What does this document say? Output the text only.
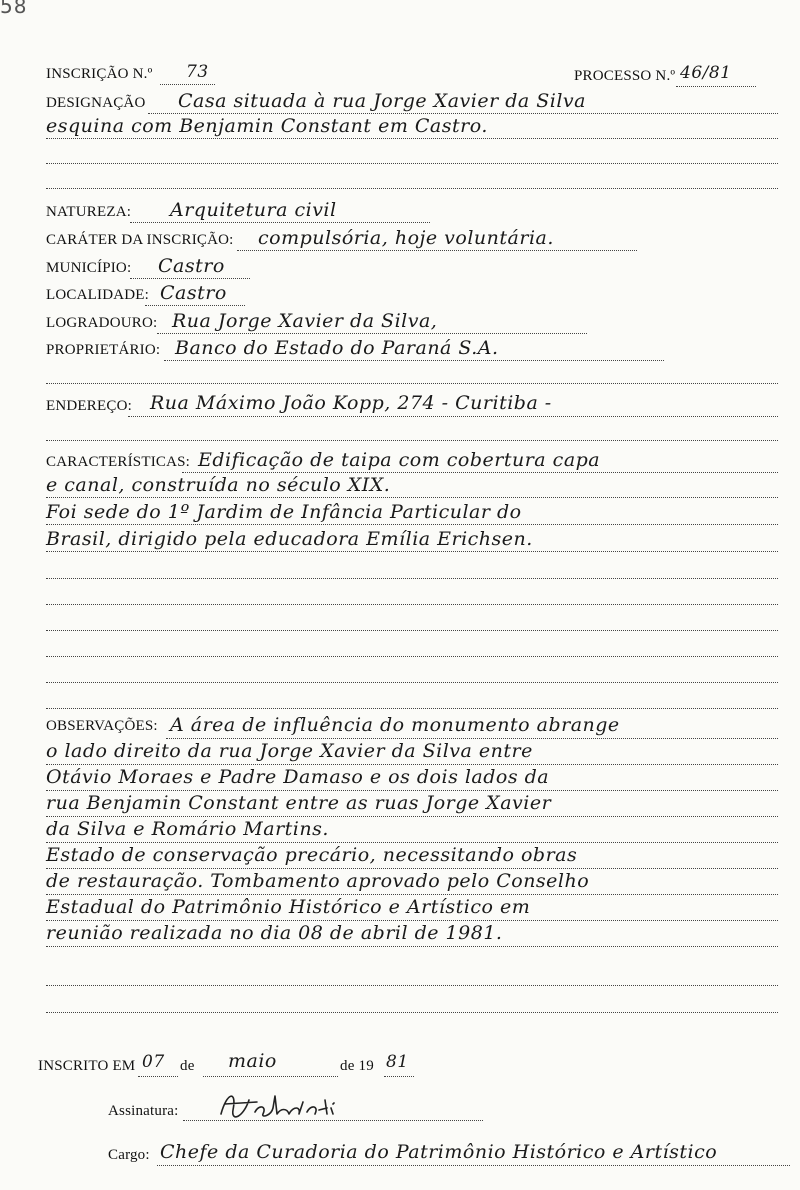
58
INSCRIÇÃO N.º 73	PROCESSO N.º 46/81
DESIGNAÇÃO Casa situada à rua Jorge Xavier da Silva
esquina com Benjamin Constant em Castro.
NATUREZA: Arquitetura civil
CARÁTER DA INSCRIÇÃO: compulsória, hoje voluntária.
MUNICÍPIO: Castro
LOCALIDADE: Castro
LOGRADOURO: Rua Jorge Xavier da Silva,
PROPRIETÁRIO: Banco do Estado do Paraná S.A.
ENDEREÇO: Rua Máximo João Kopp, 274 - Curitiba -
CARACTERÍSTICAS: Edificação de taipa com cobertura capa
e canal, construída no século XIX.
Foi sede do 1º Jardim de Infância Particular do
Brasil, dirigido pela educadora Emília Erichsen.
OBSERVAÇÕES: A área de influência do monumento abrange
o lado direito da rua Jorge Xavier da Silva entre
Otávio Moraes e Padre Damaso e os dois lados da
rua Benjamin Constant entre as ruas Jorge Xavier
da Silva e Romário Martins.
Estado de conservação precário, necessitando obras
de restauração. Tombamento aprovado pelo Conselho
Estadual do Patrimônio Histórico e Artístico em
reunião realizada no dia 08 de abril de 1981.
INSCRITO EM 07 de maio	de 19 81
Assinatura:
Cargo: Chefe da Curadoria do Patrimônio Histórico e Artístico
